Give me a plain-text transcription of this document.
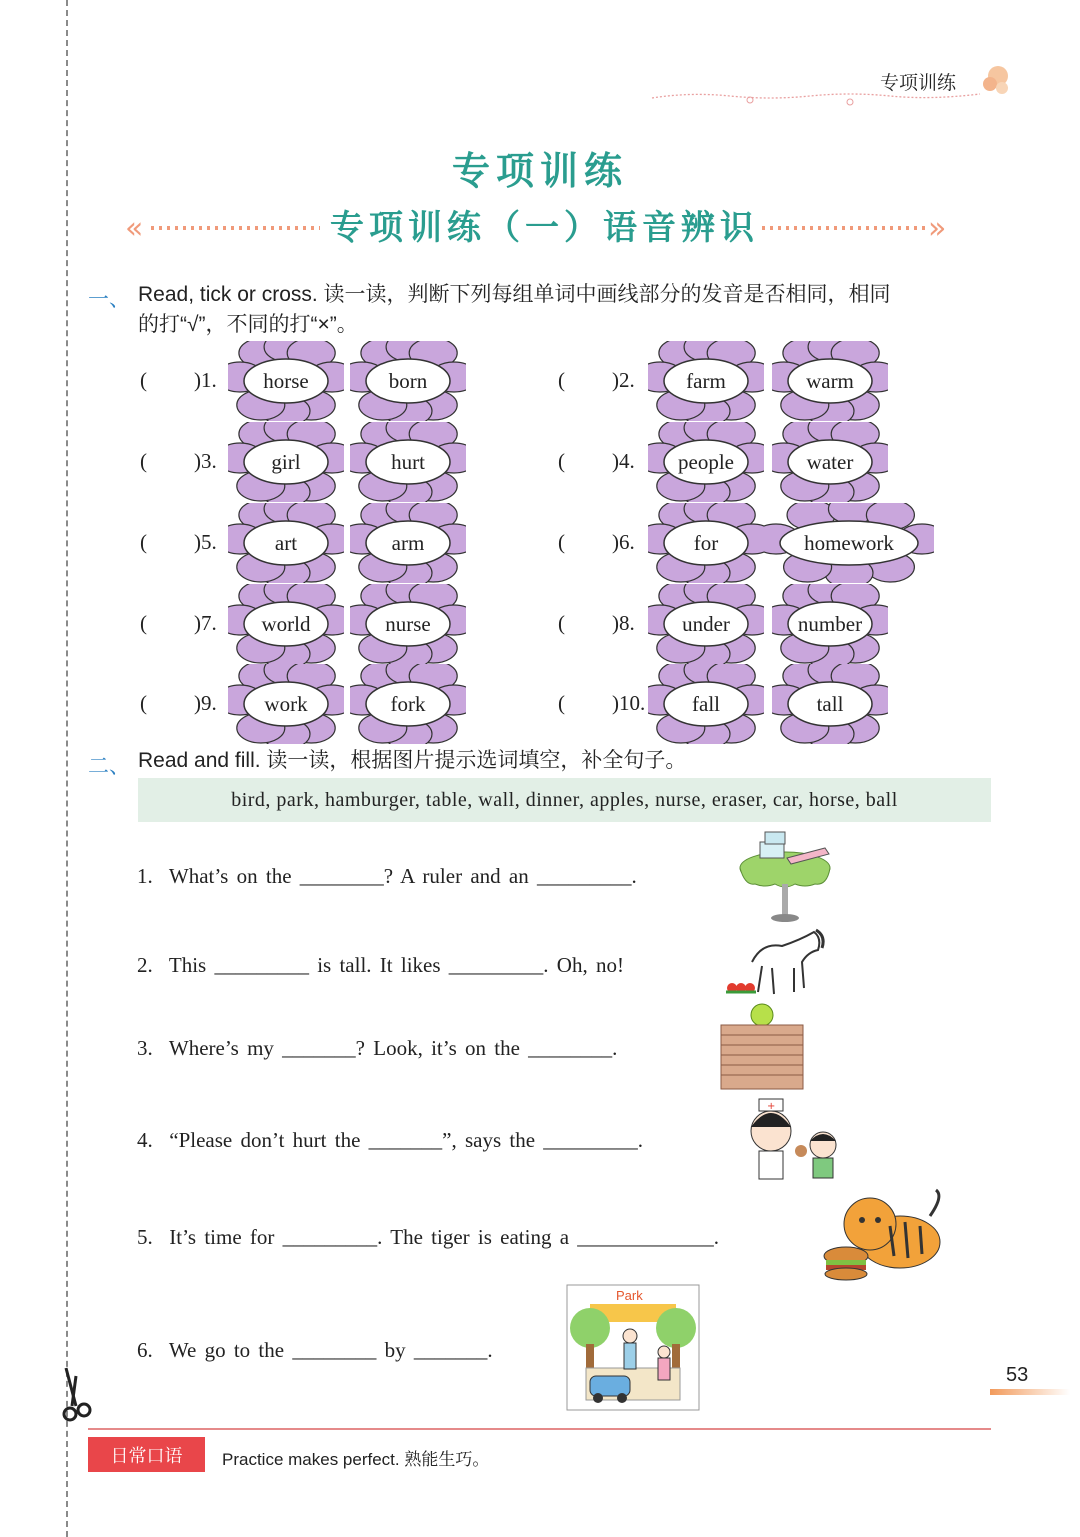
专项训练
专项训练
«	专项训练（一）语音辨识	»
一、 Read, tick or cross. 读一读，判断下列每组单词中画线部分的发音是否相同，相同
的打“√”，不同的打“×”。
( )1.	horse	born	( )2.	farm	warm
( )3.	girl	hurt	( )4.	people	water
( )5.	art	arm	( )6.	for	homework
( )7.	world	nurse	( )8.	under	number
( )9.	work	fork	( )10.	fall	tall
二、 Read and fill. 读一读，根据图片提示选词填空，补全句子。
bird, park, hamburger, table, wall, dinner, apples, nurse, eraser, car, horse, ball
1.  What’s on the ________? A ruler and an _________.
2.  This _________ is tall. It likes _________. Oh, no!
3.  Where’s my _______? Look, it’s on the ________.
4.  “Please don’t hurt the _______”, says the _________.
5.  It’s time for _________. The tiger is eating a _____________.
6.  We go to the ________ by _______.
+
Park
53
日常口语	Practice makes perfect. 熟能生巧。
